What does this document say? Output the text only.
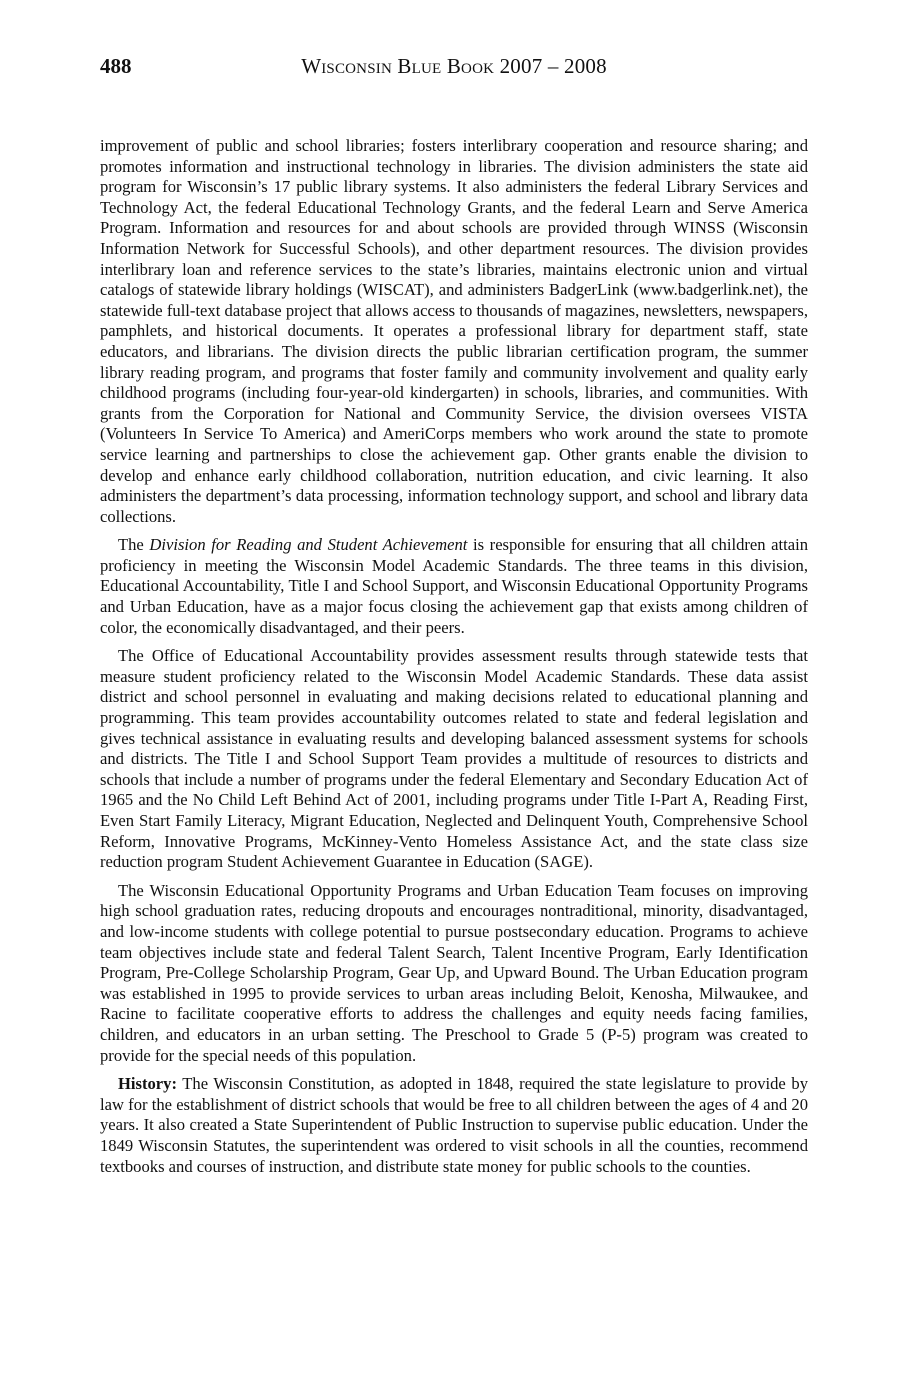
488	Wisconsin Blue Book 2007 – 2008

improvement of public and school libraries; fosters interlibrary cooperation and resource sharing; and promotes information and instructional technology in libraries. The division administers the state aid program for Wisconsin’s 17 public library systems. It also administers the federal Library Services and Technology Act, the federal Educational Technology Grants, and the federal Learn and Serve America Program. Information and resources for and about schools are provided through WINSS (Wisconsin Information Network for Successful Schools), and other department resources. The division provides interlibrary loan and reference services to the state’s libraries, maintains electronic union and virtual catalogs of statewide library holdings (WISCAT), and administers BadgerLink (www.badgerlink.net), the statewide full-text database project that allows access to thousands of magazines, newsletters, newspapers, pamphlets, and historical documents. It operates a professional library for department staff, state educators, and librarians. The division directs the public librarian certification program, the summer library reading program, and programs that foster family and community involvement and quality early childhood programs (including four-year-old kindergarten) in schools, libraries, and communities. With grants from the Corporation for National and Community Service, the division oversees VISTA (Volunteers In Service To America) and AmeriCorps members who work around the state to promote service learning and partnerships to close the achievement gap. Other grants enable the division to develop and enhance early childhood collaboration, nutrition education, and civic learning. It also administers the department’s data processing, information technology support, and school and library data collections.

The Division for Reading and Student Achievement is responsible for ensuring that all children attain proficiency in meeting the Wisconsin Model Academic Standards. The three teams in this division, Educational Accountability, Title I and School Support, and Wisconsin Educational Opportunity Programs and Urban Education, have as a major focus closing the achievement gap that exists among children of color, the economically disadvantaged, and their peers.

The Office of Educational Accountability provides assessment results through statewide tests that measure student proficiency related to the Wisconsin Model Academic Standards. These data assist district and school personnel in evaluating and making decisions related to educational planning and programming. This team provides accountability outcomes related to state and federal legislation and gives technical assistance in evaluating results and developing balanced assessment systems for schools and districts. The Title I and School Support Team provides a multitude of resources to districts and schools that include a number of programs under the federal Elementary and Secondary Education Act of 1965 and the No Child Left Behind Act of 2001, including programs under Title I-Part A, Reading First, Even Start Family Literacy, Migrant Education, Neglected and Delinquent Youth, Comprehensive School Reform, Innovative Programs, McKinney-Vento Homeless Assistance Act, and the state class size reduction program Student Achievement Guarantee in Education (SAGE).

The Wisconsin Educational Opportunity Programs and Urban Education Team focuses on improving high school graduation rates, reducing dropouts and encourages nontraditional, minority, disadvantaged, and low-income students with college potential to pursue postsecondary education. Programs to achieve team objectives include state and federal Talent Search, Talent Incentive Program, Early Identification Program, Pre-College Scholarship Program, Gear Up, and Upward Bound. The Urban Education program was established in 1995 to provide services to urban areas including Beloit, Kenosha, Milwaukee, and Racine to facilitate cooperative efforts to address the challenges and equity needs facing families, children, and educators in an urban setting. The Preschool to Grade 5 (P-5) program was created to provide for the special needs of this population.

History: The Wisconsin Constitution, as adopted in 1848, required the state legislature to provide by law for the establishment of district schools that would be free to all children between the ages of 4 and 20 years. It also created a State Superintendent of Public Instruction to supervise public education. Under the 1849 Wisconsin Statutes, the superintendent was ordered to visit schools in all the counties, recommend textbooks and courses of instruction, and distribute state money for public schools to the counties.
